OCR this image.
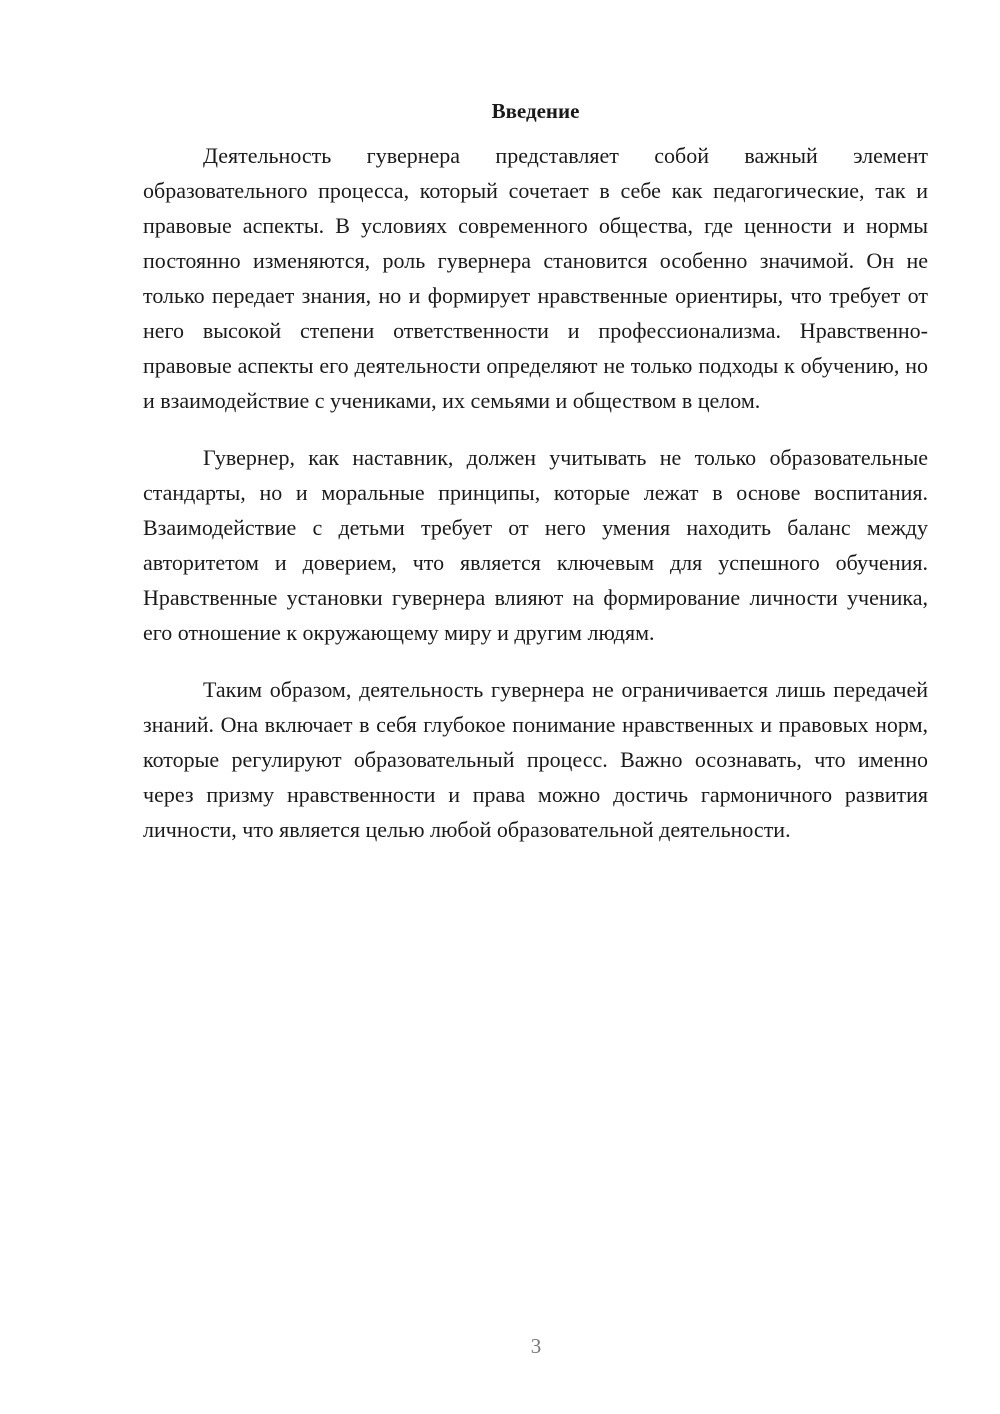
Введение

Деятельность гувернера представляет собой важный элемент образовательного процесса, который сочетает в себе как педагогические, так и правовые аспекты. В условиях современного общества, где ценности и нормы постоянно изменяются, роль гувернера становится особенно значимой. Он не только передает знания, но и формирует нравственные ориентиры, что требует от него высокой степени ответственности и профессионализма. Нравственно-правовые аспекты его деятельности определяют не только подходы к обучению, но и взаимодействие с учениками, их семьями и обществом в целом.

Гувернер, как наставник, должен учитывать не только образовательные стандарты, но и моральные принципы, которые лежат в основе воспитания. Взаимодействие с детьми требует от него умения находить баланс между авторитетом и доверием, что является ключевым для успешного обучения. Нравственные установки гувернера влияют на формирование личности ученика, его отношение к окружающему миру и другим людям.

Таким образом, деятельность гувернера не ограничивается лишь передачей знаний. Она включает в себя глубокое понимание нравственных и правовых норм, которые регулируют образовательный процесс. Важно осознавать, что именно через призму нравственности и права можно достичь гармоничного развития личности, что является целью любой образовательной деятельности.

3
